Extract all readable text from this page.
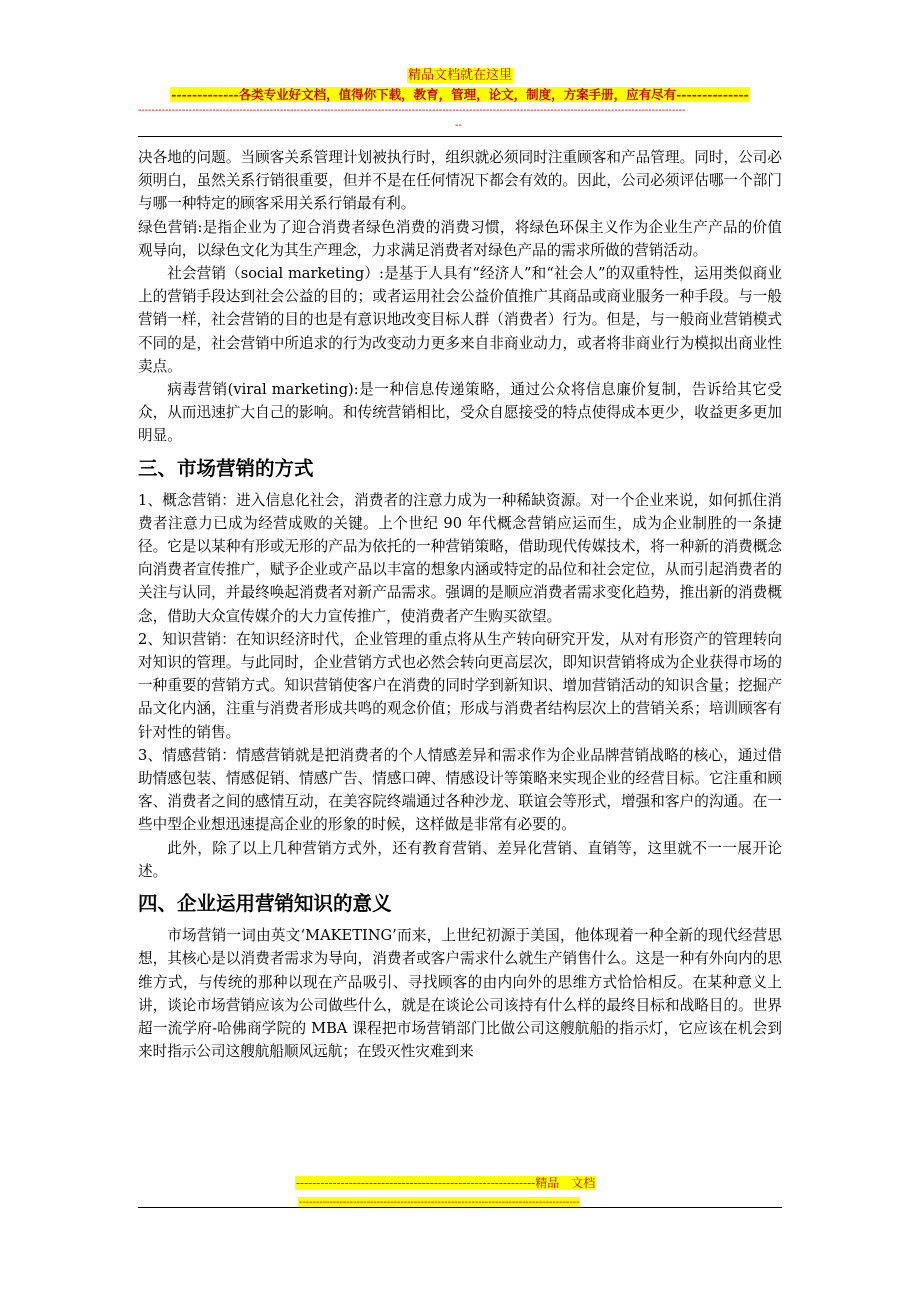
精品文档就在这里
-------------各类专业好文档，值得你下载，教育，管理，论文，制度，方案手册，应有尽有--------------
------------------------------------------------------------------------------------------------------------------------------------------------------------------
--

决各地的问题。当顾客关系管理计划被执行时，组织就必须同时注重顾客和产品管理。同时，公司必须明白，虽然关系行销很重要，但并不是在任何情况下都会有效的。因此，公司必须评估哪一个部门与哪一种特定的顾客采用关系行销最有利。

绿色营销:是指企业为了迎合消费者绿色消费的消费习惯，将绿色环保主义作为企业生产产品的价值观导向，以绿色文化为其生产理念，力求满足消费者对绿色产品的需求所做的营销活动。

社会营销（social marketing）:是基于人具有“经济人”和“社会人”的双重特性，运用类似商业上的营销手段达到社会公益的目的；或者运用社会公益价值推广其商品或商业服务一种手段。与一般营销一样，社会营销的目的也是有意识地改变目标人群（消费者）行为。但是，与一般商业营销模式不同的是，社会营销中所追求的行为改变动力更多来自非商业动力，或者将非商业行为模拟出商业性卖点。

病毒营销(viral marketing):是一种信息传递策略，通过公众将信息廉价复制，告诉给其它受众，从而迅速扩大自己的影响。和传统营销相比，受众自愿接受的特点使得成本更少，收益更多更加明显。

三、市场营销的方式

1、概念营销：进入信息化社会，消费者的注意力成为一种稀缺资源。对一个企业来说，如何抓住消费者注意力已成为经营成败的关键。上个世纪 90 年代概念营销应运而生，成为企业制胜的一条捷径。它是以某种有形或无形的产品为依托的一种营销策略，借助现代传媒技术，将一种新的消费概念向消费者宣传推广，赋予企业或产品以丰富的想象内涵或特定的品位和社会定位，从而引起消费者的关注与认同，并最终唤起消费者对新产品需求。强调的是顺应消费者需求变化趋势，推出新的消费概念，借助大众宣传媒介的大力宣传推广，使消费者产生购买欲望。

2、知识营销：在知识经济时代，企业管理的重点将从生产转向研究开发，从对有形资产的管理转向对知识的管理。与此同时，企业营销方式也必然会转向更高层次，即知识营销将成为企业获得市场的一种重要的营销方式。知识营销使客户在消费的同时学到新知识、增加营销活动的知识含量；挖掘产品文化内涵，注重与消费者形成共鸣的观念价值；形成与消费者结构层次上的营销关系；培训顾客有针对性的销售。

3、情感营销：情感营销就是把消费者的个人情感差异和需求作为企业品牌营销战略的核心，通过借助情感包装、情感促销、情感广告、情感口碑、情感设计等策略来实现企业的经营目标。它注重和顾客、消费者之间的感情互动，在美容院终端通过各种沙龙、联谊会等形式，增强和客户的沟通。在一些中型企业想迅速提高企业的形象的时候，这样做是非常有必要的。

此外，除了以上几种营销方式外，还有教育营销、差异化营销、直销等，这里就不一一展开论述。

四、企业运用营销知识的意义

市场营销一词由英文‘MAKETING’而来，上世纪初源于美国，他体现着一种全新的现代经营思想，其核心是以消费者需求为导向，消费者或客户需求什么就生产销售什么。这是一种有外向内的思维方式，与传统的那种以现在产品吸引、寻找顾客的由内向外的思维方式恰恰相反。在某种意义上讲，谈论市场营销应该为公司做些什么，就是在谈论公司该持有什么样的最终目标和战略目的。世界超一流学府-哈佛商学院的 MBA 课程把市场营销部门比做公司这艘航船的指示灯，它应该在机会到来时指示公司这艘航船顺风远航；在毁灭性灾难到来

-----------------------------------------------------------精品　文档
-----------------------------------------------------------------------------------
